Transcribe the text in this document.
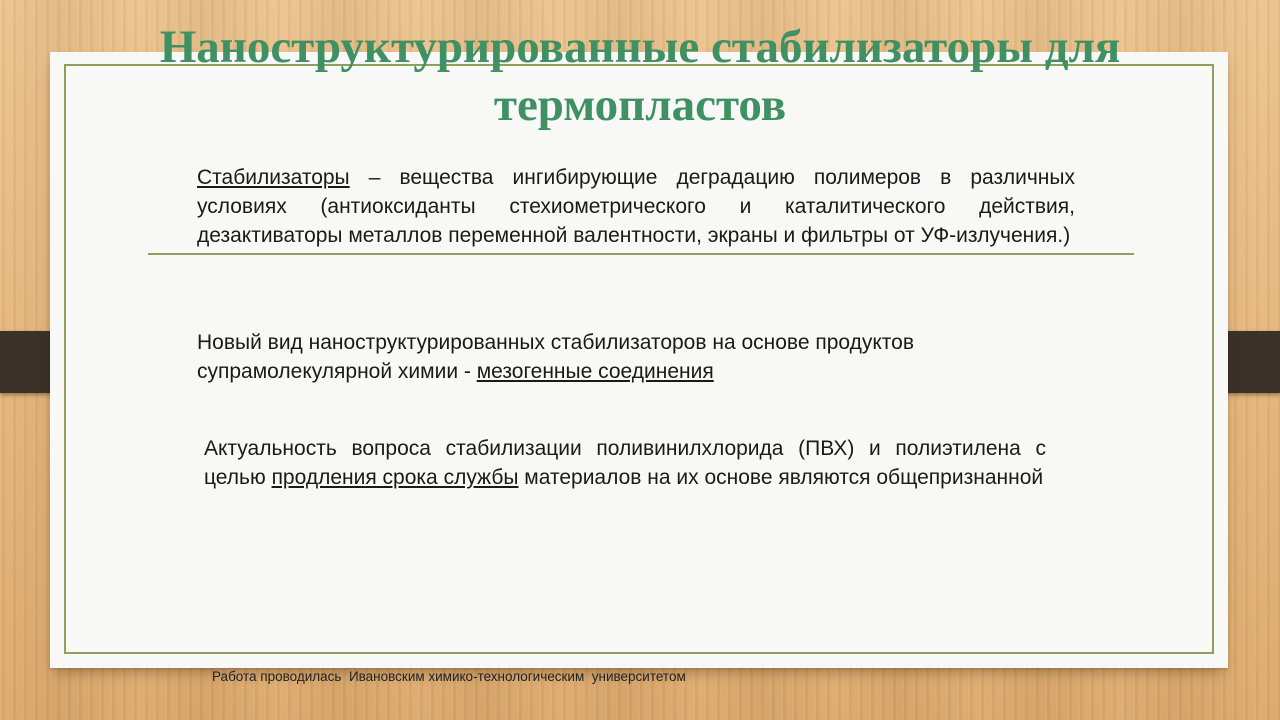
Наноструктурированные стабилизаторы для термопластов

Стабилизаторы – вещества ингибирующие деградацию полимеров в различных условиях (антиоксиданты стехиометрического и каталитического действия, дезактиваторы металлов переменной валентности, экраны и фильтры от УФ-излучения.)

Новый вид наноструктурированных стабилизаторов на основе продуктов супрамолекулярной химии - мезогенные соединения

Актуальность вопроса стабилизации поливинилхлорида (ПВХ) и полиэтилена с целью продления срока службы материалов на их основе являются общепризнанной

Работа проводилась  Ивановским химико-технологическим  университетом
